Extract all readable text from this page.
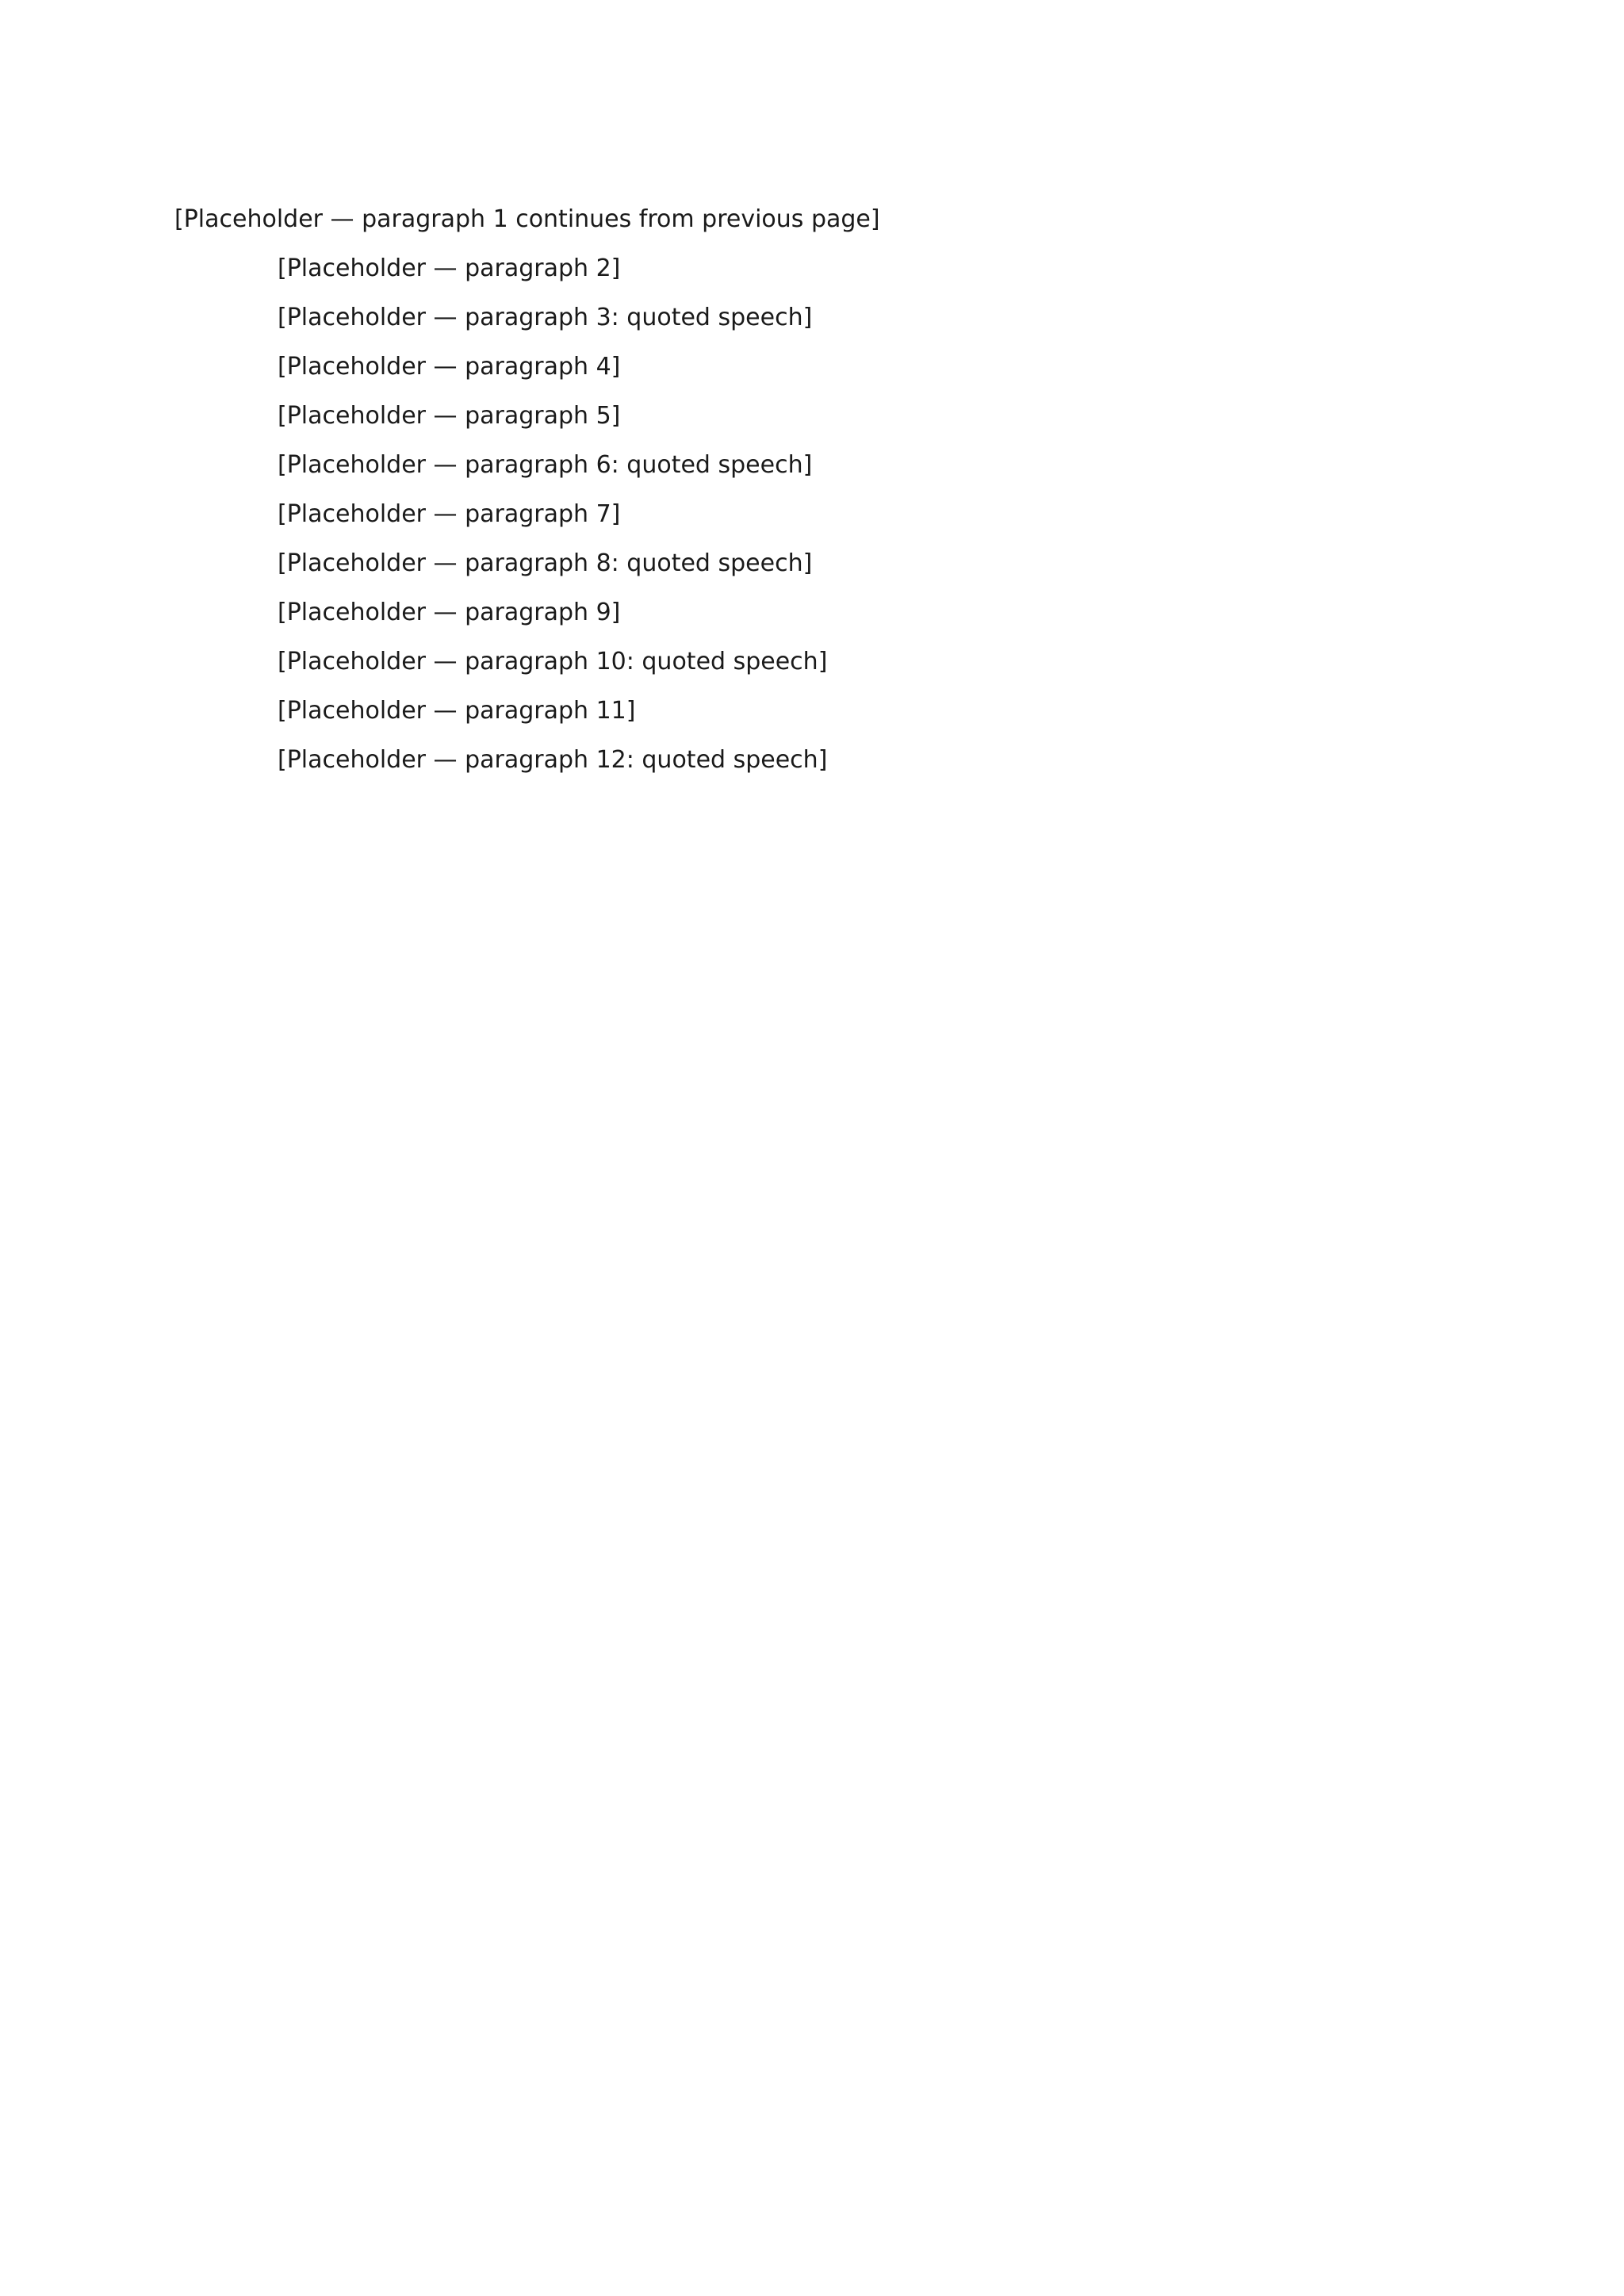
[Placeholder — paragraph 1 continues from previous page]

[Placeholder — paragraph 2]

[Placeholder — paragraph 3: quoted speech]

[Placeholder — paragraph 4]

[Placeholder — paragraph 5]

[Placeholder — paragraph 6: quoted speech]

[Placeholder — paragraph 7]

[Placeholder — paragraph 8: quoted speech]

[Placeholder — paragraph 9]

[Placeholder — paragraph 10: quoted speech]

[Placeholder — paragraph 11]

[Placeholder — paragraph 12: quoted speech]
